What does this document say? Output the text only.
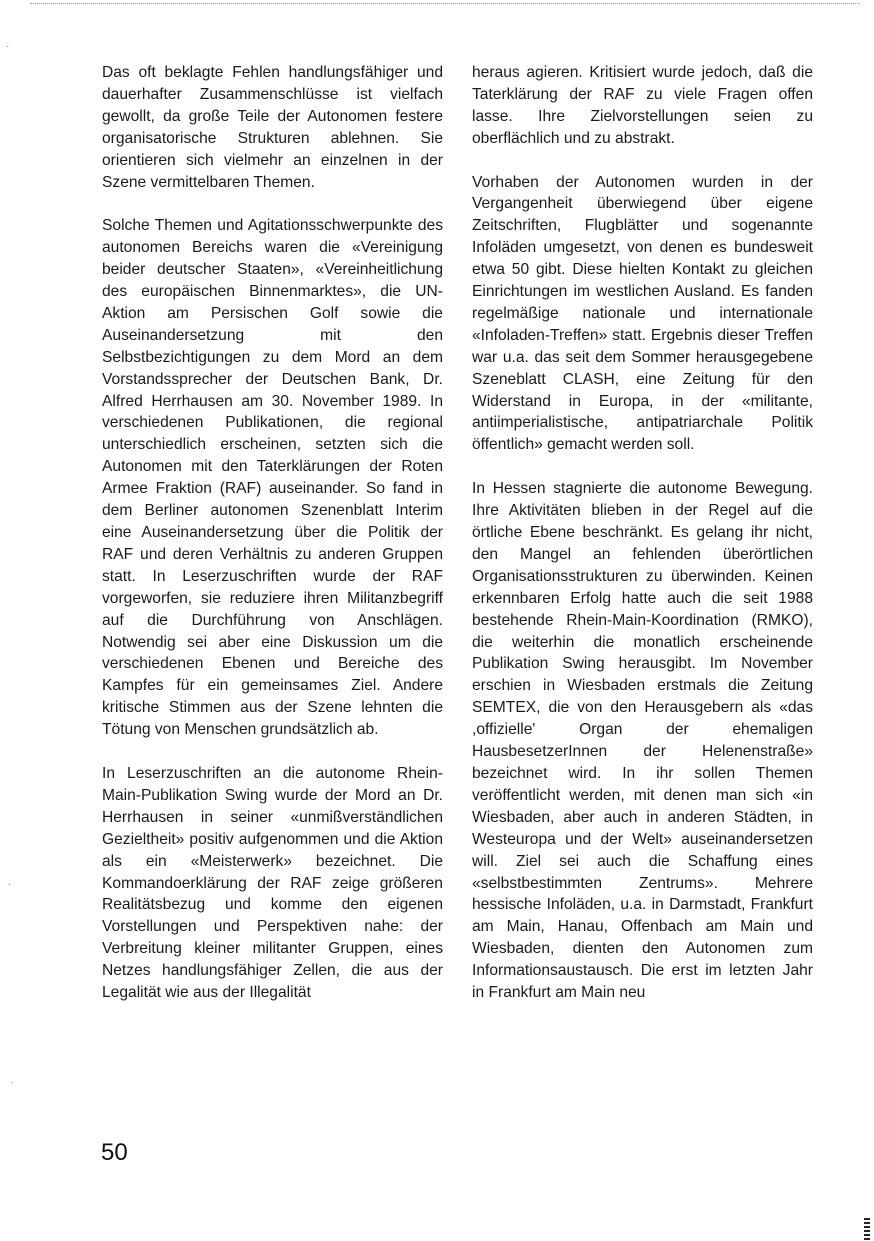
Das oft beklagte Fehlen handlungsfähiger und dauerhafter Zusammenschlüsse ist vielfach gewollt, da große Teile der Autonomen festere organisatorische Strukturen ablehnen. Sie orientieren sich vielmehr an einzelnen in der Szene vermittelbaren Themen.

Solche Themen und Agitationsschwerpunkte des autonomen Bereichs waren die «Vereinigung beider deutscher Staaten», «Vereinheitlichung des europäischen Binnenmarktes», die UN-Aktion am Persischen Golf sowie die Auseinandersetzung mit den Selbstbezichtigungen zu dem Mord an dem Vorstandssprecher der Deutschen Bank, Dr. Alfred Herrhausen am 30. November 1989. In verschiedenen Publikationen, die regional unterschiedlich erscheinen, setzten sich die Autonomen mit den Taterklärungen der Roten Armee Fraktion (RAF) auseinander. So fand in dem Berliner autonomen Szenenblatt Interim eine Auseinandersetzung über die Politik der RAF und deren Verhältnis zu anderen Gruppen statt. In Leserzuschriften wurde der RAF vorgeworfen, sie reduziere ihren Militanzbegriff auf die Durchführung von Anschlägen. Notwendig sei aber eine Diskussion um die verschiedenen Ebenen und Bereiche des Kampfes für ein gemeinsames Ziel. Andere kritische Stimmen aus der Szene lehnten die Tötung von Menschen grundsätzlich ab.

In Leserzuschriften an die autonome Rhein-Main-Publikation Swing wurde der Mord an Dr. Herrhausen in seiner «unmißverständlichen Gezieltheit» positiv aufgenommen und die Aktion als ein «Meisterwerk» bezeichnet. Die Kommandoerklärung der RAF zeige größeren Realitätsbezug und komme den eigenen Vorstellungen und Perspektiven nahe: der Verbreitung kleiner militanter Gruppen, eines Netzes handlungsfähiger Zellen, die aus der Legalität wie aus der Illegalität

heraus agieren. Kritisiert wurde jedoch, daß die Taterklärung der RAF zu viele Fragen offen lasse. Ihre Zielvorstellungen seien zu oberflächlich und zu abstrakt.

Vorhaben der Autonomen wurden in der Vergangenheit überwiegend über eigene Zeitschriften, Flugblätter und sogenannte Infoläden umgesetzt, von denen es bundesweit etwa 50 gibt. Diese hielten Kontakt zu gleichen Einrichtungen im westlichen Ausland. Es fanden regelmäßige nationale und internationale «Infoladen-Treffen» statt. Ergebnis dieser Treffen war u.a. das seit dem Sommer herausgegebene Szeneblatt CLASH, eine Zeitung für den Widerstand in Europa, in der «militante, antiimperialistische, antipatriarchale Politik öffentlich» gemacht werden soll.

In Hessen stagnierte die autonome Bewegung. Ihre Aktivitäten blieben in der Regel auf die örtliche Ebene beschränkt. Es gelang ihr nicht, den Mangel an fehlenden überörtlichen Organisationsstrukturen zu überwinden. Keinen erkennbaren Erfolg hatte auch die seit 1988 bestehende Rhein-Main-Koordination (RMKO), die weiterhin die monatlich erscheinende Publikation Swing herausgibt. Im November erschien in Wiesbaden erstmals die Zeitung SEMTEX, die von den Herausgebern als «das ,offizielle' Organ der ehemaligen HausbesetzerInnen der Helenenstraße» bezeichnet wird. In ihr sollen Themen veröffentlicht werden, mit denen man sich «in Wiesbaden, aber auch in anderen Städten, in Westeuropa und der Welt» auseinandersetzen will. Ziel sei auch die Schaffung eines «selbstbestimmten Zentrums». Mehrere hessische Infoläden, u.a. in Darmstadt, Frankfurt am Main, Hanau, Offenbach am Main und Wiesbaden, dienten den Autonomen zum Informationsaustausch. Die erst im letzten Jahr in Frankfurt am Main neu

50
·
·
·
